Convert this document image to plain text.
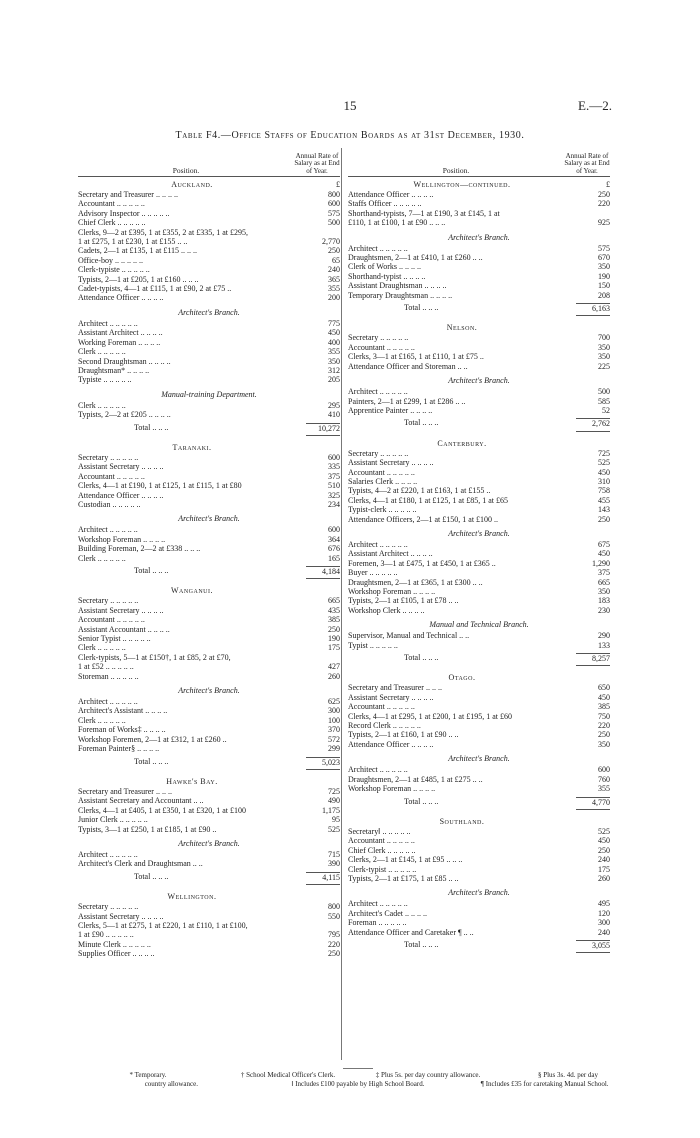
15	E.—2.
Table F4.—Office Staffs of Education Boards as at 31st December, 1930.
Position.
Annual Rate of Salary as at End of Year.
Auckland.	£
Secretary and Treasurer .. .. .. ..	800
Accountant .. .. .. .. ..	600
Advisory Inspector .. .. .. .. ..	575
Chief Clerk .. .. .. .. ..	500
Clerks, 9—2 at £395, 1 at £355, 2 at £335, 1 at £295,
1 at £275, 1 at £230, 1 at £155 .. ..	2,770
Cadets, 2—1 at £135, 1 at £115 .. .. ..	250
Office-boy .. .. .. .. ..	65
Clerk-typiste .. .. .. .. ..	240
Typists, 2—1 at £205, 1 at £160 .. .. ..	365
Cadet-typists, 4—1 at £115, 1 at £90, 2 at £75 ..	355
Attendance Officer .. .. .. ..	200
Architect's Branch.
Architect .. .. .. .. ..	775
Assistant Architect .. .. .. ..	450
Working Foreman .. .. .. ..	400
Clerk .. .. .. .. ..	355
Second Draughtsman .. .. .. ..	350
Draughtsman* .. .. .. ..	312
Typiste .. .. .. .. ..	205
Manual-training Department.
Clerk .. .. .. .. ..	295
Typists, 2—2 at £205 .. .. .. ..	410
Total .. .. ..	10,272
Taranaki.
Secretary .. .. .. .. ..	600
Assistant Secretary .. .. .. ..	335
Accountant .. .. .. .. ..	375
Clerks, 4—1 at £190, 1 at £125, 1 at £115, 1 at £80	510
Attendance Officer .. .. .. ..	325
Custodian .. .. .. .. ..	234
Architect's Branch.
Architect .. .. .. .. ..	600
Workshop Foreman .. .. .. ..	364
Building Foreman, 2—2 at £338 .. .. ..	676
Clerk .. .. .. .. ..	165
Total .. .. ..	4,184
Wanganui.
Secretary .. .. .. .. ..	665
Assistant Secretary .. .. .. ..	435
Accountant .. .. .. .. ..	385
Assistant Accountant .. .. .. ..	250
Senior Typist .. .. .. .. ..	190
Clerk .. .. .. .. ..	175
Clerk-typists, 5—1 at £150†, 1 at £85, 2 at £70,
1 at £52 .. .. .. .. ..	427
Storeman .. .. .. .. ..	260
Architect's Branch.
Architect .. .. .. .. ..	625
Architect's Assistant .. .. .. ..	300
Clerk .. .. .. .. ..	100
Foreman of Works‡ .. .. .. ..	370
Workshop Foremen, 2—1 at £312, 1 at £260 ..	572
Foreman Painter§ .. .. .. ..	299
Total .. .. ..	5,023
Hawke's Bay.
Secretary and Treasurer .. .. ..	725
Assistant Secretary and Accountant .. ..	490
Clerks, 4—1 at £405, 1 at £350, 1 at £320, 1 at £100	1,175
Junior Clerk .. .. .. .. ..	95
Typists, 3—1 at £250, 1 at £185, 1 at £90 ..	525
Architect's Branch.
Architect .. .. .. .. ..	715
Architect's Clerk and Draughtsman .. ..	390
Total .. .. ..	4,115
Wellington.
Secretary .. .. .. .. ..	800
Assistant Secretary .. .. .. ..	550
Clerks, 5—1 at £275, 1 at £220, 1 at £110, 1 at £100,
1 at £90 .. .. .. .. ..	795
Minute Clerk .. .. .. .. ..	220
Supplies Officer .. .. .. ..	250
Position.
Annual Rate of Salary as at End of Year.
Wellington—continued.	£
Attendance Officer .. .. .. ..	250
Staffs Officer .. .. .. .. ..	220
Shorthand-typists, 7—1 at £190, 3 at £145, 1 at
£110, 1 at £100, 1 at £90 .. .. ..	925
Architect's Branch.
Architect .. .. .. .. ..	575
Draughtsmen, 2—1 at £410, 1 at £260 .. ..	670
Clerk of Works .. .. .. ..	350
Shorthand-typist .. .. .. ..	190
Assistant Draughtsman .. .. .. ..	150
Temporary Draughtsman .. .. .. ..	208
Total .. .. ..	6,163
Nelson.
Secretary .. .. .. .. ..	700
Accountant .. .. .. .. ..	350
Clerks, 3—1 at £165, 1 at £110, 1 at £75 ..	350
Attendance Officer and Storeman .. ..	225
Architect's Branch.
Architect .. .. .. .. ..	500
Painters, 2—1 at £299, 1 at £286 .. ..	585
Apprentice Painter .. .. .. ..	52
Total .. .. ..	2,762
Canterbury.
Secretary .. .. .. .. ..	725
Assistant Secretary .. .. .. ..	525
Accountant .. .. .. .. ..	450
Salaries Clerk .. .. .. ..	310
Typists, 4—2 at £220, 1 at £163, 1 at £155 ..	758
Clerks, 4—1 at £180, 1 at £125, 1 at £85, 1 at £65	455
Typist-clerk .. .. .. .. ..	143
Attendance Officers, 2—1 at £150, 1 at £100 ..	250
Architect's Branch.
Architect .. .. .. .. ..	675
Assistant Architect .. .. .. ..	450
Foremen, 3—1 at £475, 1 at £450, 1 at £365 ..	1,290
Buyer .. .. .. .. ..	375
Draughtsmen, 2—1 at £365, 1 at £300 .. ..	665
Workshop Foreman .. .. .. ..	350
Typists, 2—1 at £105, 1 at £78 .. ..	183
Workshop Clerk .. .. .. ..	230
Manual and Technical Branch.
Supervisor, Manual and Technical .. ..	290
Typist .. .. .. .. ..	133
Total .. .. ..	8,257
Otago.
Secretary and Treasurer .. .. ..	650
Assistant Secretary .. .. .. ..	450
Accountant .. .. .. .. ..	385
Clerks, 4—1 at £295, 1 at £200, 1 at £195, 1 at £60	750
Record Clerk .. .. .. .. ..	220
Typists, 2—1 at £160, 1 at £90 .. ..	250
Attendance Officer .. .. .. ..	350
Architect's Branch.
Architect .. .. .. .. ..	600
Draughtsmen, 2—1 at £485, 1 at £275 .. ..	760
Workshop Foreman .. .. .. ..	355
Total .. .. ..	4,770
Southland.
Secretary‖ .. .. .. .. ..	525
Accountant .. .. .. .. ..	450
Chief Clerk .. .. .. .. ..	250
Clerks, 2—1 at £145, 1 at £95 .. .. ..	240
Clerk-typist .. .. .. .. ..	175
Typists, 2—1 at £175, 1 at £85 .. ..	260
Architect's Branch.
Architect .. .. .. .. ..	495
Architect's Cadet .. .. .. ..	120
Foreman .. .. .. .. ..	300
Attendance Officer and Caretaker ¶ .. ..	240
Total .. .. ..	3,055
* Temporary.	† School Medical Officer's Clerk.	‡ Plus 5s. per day country allowance.	§ Plus 3s. 4d. per day
country allowance.	‖ Includes £100 payable by High School Board.	¶ Includes £35 for caretaking Manual School.
